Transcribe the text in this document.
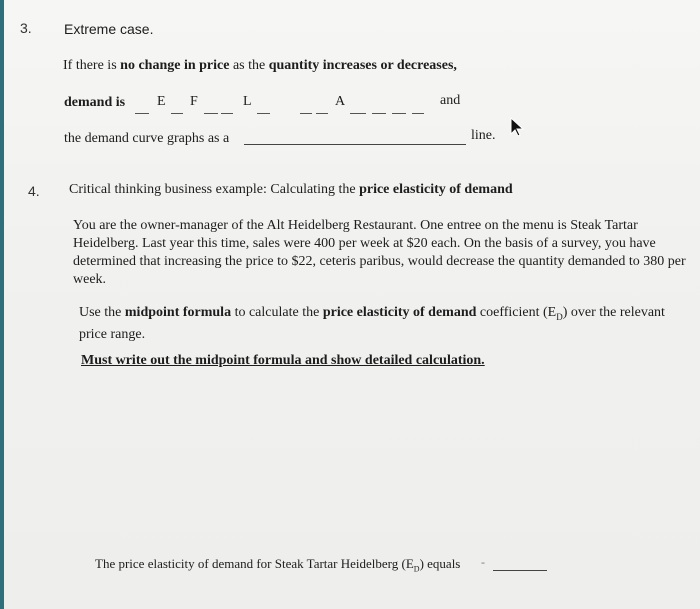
3. Extreme case.
If there is no change in price as the quantity increases or decreases,
demand is E F	L	A	and
the demand curve graphs as a	line.
4. Critical thinking business example: Calculating the price elasticity of demand
You are the owner-manager of the Alt Heidelberg Restaurant. One entree on the menu is Steak Tartar Heidelberg. Last year this time, sales were 400 per week at $20 each. On the basis of a survey, you have determined that increasing the price to $22, ceteris paribus, would decrease the quantity demanded to 380 per week.
Use the midpoint formula to calculate the price elasticity of demand coefficient $(E_D)$ over the relevant price range.
Must write out the midpoint formula and show detailed calculation.
The price elasticity of demand for Steak Tartar Heidelberg $(E_D)$ equals -
